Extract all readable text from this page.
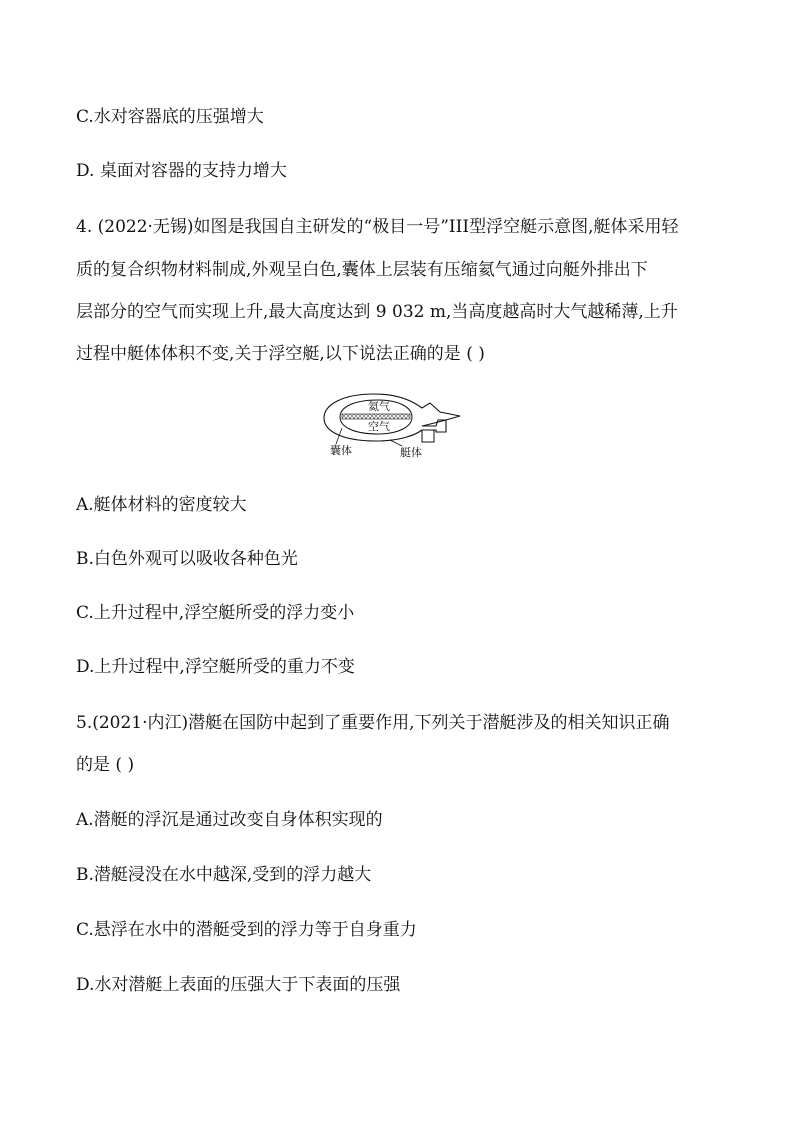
C.水对容器底的压强增大
D. 桌面对容器的支持力增大
4. (2022·无锡)如图是我国自主研发的“极目一号”III型浮空艇示意图,艇体采用轻
质的复合织物材料制成,外观呈白色,囊体上层装有压缩氦气通过向艇外排出下
层部分的空气而实现上升,最大高度达到 9 032 m,当高度越高时大气越稀薄,上升
过程中艇体体积不变,关于浮空艇,以下说法正确的是 ( )
氦气
空气
囊体	艇体
A.艇体材料的密度较大
B.白色外观可以吸收各种色光
C.上升过程中,浮空艇所受的浮力变小
D.上升过程中,浮空艇所受的重力不变
5.(2021·内江)潜艇在国防中起到了重要作用,下列关于潜艇涉及的相关知识正确
的是 ( )
A.潜艇的浮沉是通过改变自身体积实现的
B.潜艇浸没在水中越深,受到的浮力越大
C.悬浮在水中的潜艇受到的浮力等于自身重力
D.水对潜艇上表面的压强大于下表面的压强
